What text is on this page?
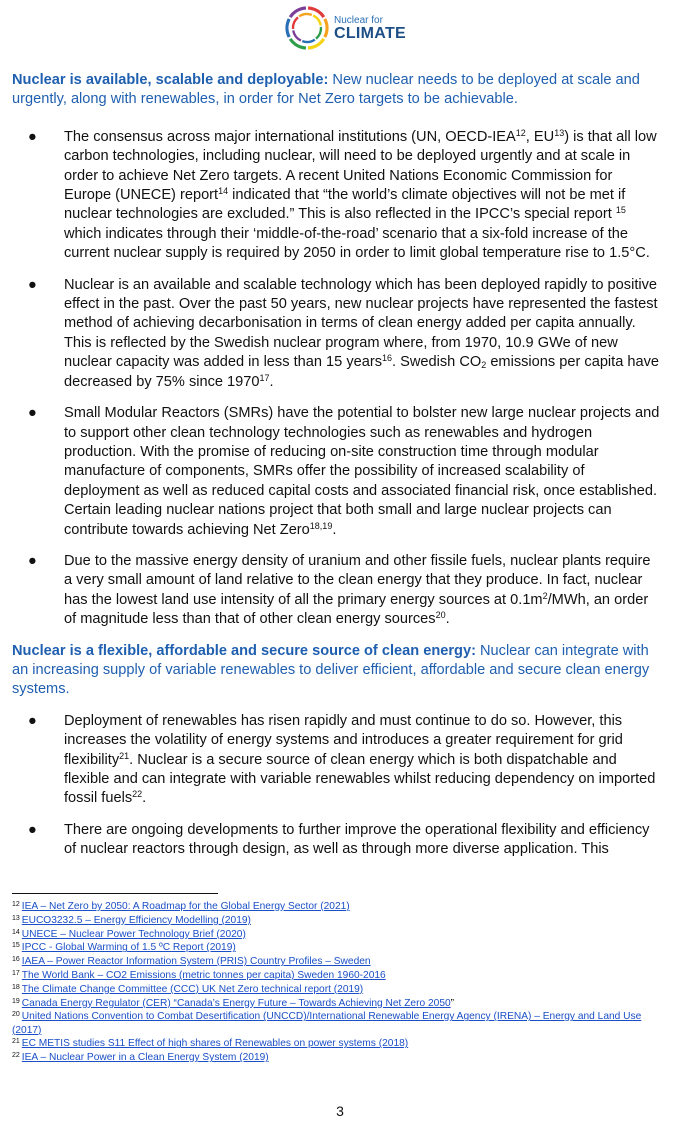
Nuclear for
CLIMATE

Nuclear is available, scalable and deployable: New nuclear needs to be deployed at scale and urgently, along with renewables, in order for Net Zero targets to be achievable.

● The consensus across major international institutions (UN, OECD-IEA$^{12}$, EU$^{13}$) is that all low carbon technologies, including nuclear, will need to be deployed urgently and at scale in order to achieve Net Zero targets. A recent United Nations Economic Commission for Europe (UNECE) report$^{14}$ indicated that “the world’s climate objectives will not be met if nuclear technologies are excluded.” This is also reflected in the IPCC’s special report $^{15}$ which indicates through their ‘middle-of-the-road’ scenario that a six-fold increase of the current nuclear supply is required by 2050 in order to limit global temperature rise to 1.5°C.
● Nuclear is an available and scalable technology which has been deployed rapidly to positive effect in the past. Over the past 50 years, new nuclear projects have represented the fastest method of achieving decarbonisation in terms of clean energy added per capita annually. This is reflected by the Swedish nuclear program where, from 1970, 10.9 GWe of new nuclear capacity was added in less than 15 years$^{16}$. Swedish $CO_2$ emissions per capita have decreased by 75% since 1970$^{17}$.
● Small Modular Reactors (SMRs) have the potential to bolster new large nuclear projects and to support other clean technology technologies such as renewables and hydrogen production. With the promise of reducing on-site construction time through modular manufacture of components, SMRs offer the possibility of increased scalability of deployment as well as reduced capital costs and associated financial risk, once established. Certain leading nuclear nations project that both small and large nuclear projects can contribute towards achieving Net Zero$^{18,19}$.
● Due to the massive energy density of uranium and other fissile fuels, nuclear plants require a very small amount of land relative to the clean energy that they produce. In fact, nuclear has the lowest land use intensity of all the primary energy sources at $0.1m^2$/MWh, an order of magnitude less than that of other clean energy sources$^{20}$.

Nuclear is a flexible, affordable and secure source of clean energy: Nuclear can integrate with an increasing supply of variable renewables to deliver efficient, affordable and secure clean energy systems.

● Deployment of renewables has risen rapidly and must continue to do so. However, this increases the volatility of energy systems and introduces a greater requirement for grid flexibility$^{21}$. Nuclear is a secure source of clean energy which is both dispatchable and flexible and can integrate with variable renewables whilst reducing dependency on imported fossil fuels$^{22}$.
● There are ongoing developments to further improve the operational flexibility and efficiency of nuclear reactors through design, as well as through more diverse application. This

$^{12}$ IEA – Net Zero by 2050: A Roadmap for the Global Energy Sector (2021)

$^{13}$ EUCO3232.5 – Energy Efficiency Modelling (2019)

$^{14}$ UNECE – Nuclear Power Technology Brief (2020)

$^{15}$ IPCC - Global Warming of 1.5 ºC Report (2019)

$^{16}$ IAEA – Power Reactor Information System (PRIS) Country Profiles – Sweden

$^{17}$ The World Bank – CO2 Emissions (metric tonnes per capita) Sweden 1960-2016

$^{18}$ The Climate Change Committee (CCC) UK Net Zero technical report (2019)

$^{19}$ Canada Energy Regulator (CER) “Canada’s Energy Future – Towards Achieving Net Zero 2050”

$^{20}$ United Nations Convention to Combat Desertification (UNCCD)/International Renewable Energy Agency (IRENA) – Energy and Land Use (2017)

$^{21}$ EC METIS studies S11 Effect of high shares of Renewables on power systems (2018)

$^{22}$ IEA – Nuclear Power in a Clean Energy System (2019)

3
